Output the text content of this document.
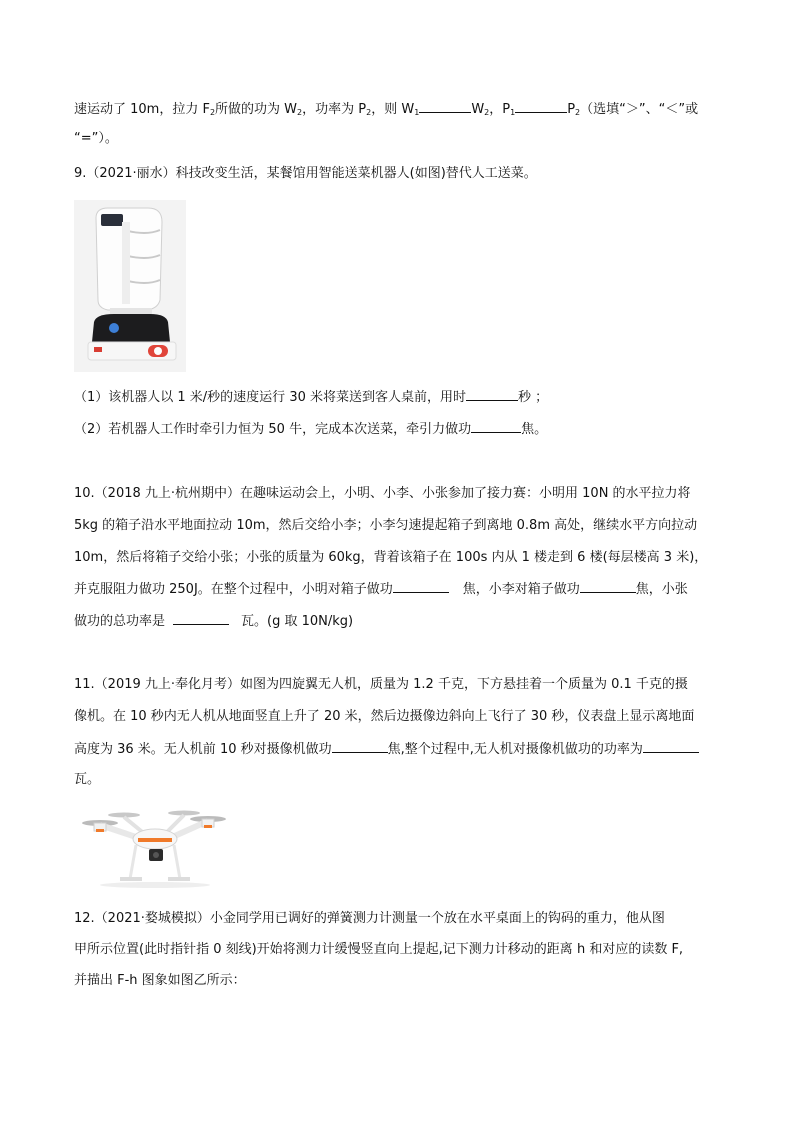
速运动了 10m，拉力 $F_2$所做的功为 $W_2$，功率为 $P_2$，则 $W_1$	$W_2$，$P_1$	$P_2$（选填“＞”、“＜”或
“=”）。
9.（2021·丽水）科技改变生活，某餐馆用智能送菜机器人(如图)替代人工送菜。
（1）该机器人以 1 米/秒的速度运行 30 米将菜送到客人桌前，用时	秒 ；
（2）若机器人工作时牵引力恒为 50 牛，完成本次送菜，牵引力做功	焦。
10.（2018 九上·杭州期中）在趣味运动会上，小明、小李、小张参加了接力赛：小明用 10N 的水平拉力将
5kg 的箱子沿水平地面拉动 10m，然后交给小李；小李匀速提起箱子到离地 0.8m 高处，继续水平方向拉动
10m，然后将箱子交给小张；小张的质量为 60kg，背着该箱子在 100s 内从 1 楼走到 6 楼(每层楼高 3 米)，
并克服阻力做功 250J。在整个过程中，小明对箱子做功	焦，小李对箱子做功	焦，小张
做功的总功率是	瓦。(g 取 10N/kg)
11.（2019 九上·奉化月考）如图为四旋翼无人机，质量为 1.2 千克，下方悬挂着一个质量为 0.1 千克的摄
像机。在 10 秒内无人机从地面竖直上升了 20 米，然后边摄像边斜向上飞行了 30 秒，仪表盘上显示离地面
高度为 36 米。无人机前 10 秒对摄像机做功	焦,整个过程中,无人机对摄像机做功的功率为
瓦。
12.（2021·婺城模拟）小金同学用已调好的弹簧测力计测量一个放在水平桌面上的钩码的重力，他从图
甲所示位置(此时指针指 0 刻线)开始将测力计缓慢竖直向上提起,记下测力计移动的距离 h 和对应的读数 F,
并描出 F-h 图象如图乙所示：
